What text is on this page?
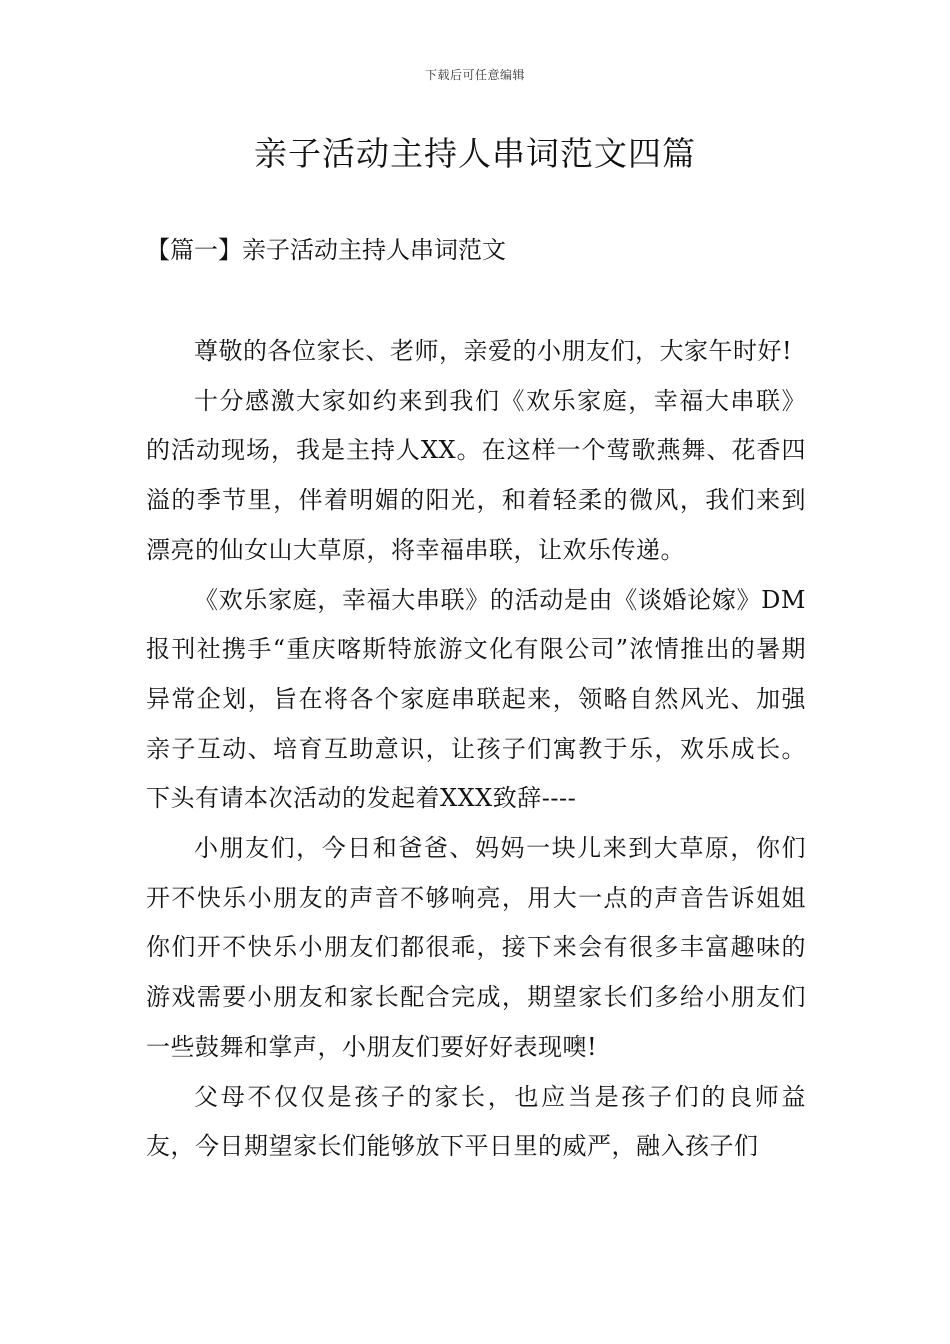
下载后可任意编辑
亲子活动主持人串词范文四篇
【篇一】亲子活动主持人串词范文

尊敬的各位家长、老师，亲爱的小朋友们，大家午时好!

十分感激大家如约来到我们《欢乐家庭，幸福大串联》的活动现场，我是主持人XX。在这样一个莺歌燕舞、花香四溢的季节里，伴着明媚的阳光，和着轻柔的微风，我们来到漂亮的仙女山大草原，将幸福串联，让欢乐传递。

《欢乐家庭，幸福大串联》的活动是由《谈婚论嫁》DM报刊社携手“重庆喀斯特旅游文化有限公司”浓情推出的暑期异常企划，旨在将各个家庭串联起来，领略自然风光、加强亲子互动、培育互助意识，让孩子们寓教于乐，欢乐成长。下头有请本次活动的发起着XXX致辞----

小朋友们，今日和爸爸、妈妈一块儿来到大草原，你们开不快乐小朋友的声音不够响亮，用大一点的声音告诉姐姐你们开不快乐小朋友们都很乖，接下来会有很多丰富趣味的游戏需要小朋友和家长配合完成，期望家长们多给小朋友们一些鼓舞和掌声，小朋友们要好好表现噢!

父母不仅仅是孩子的家长，也应当是孩子们的良师益友，今日期望家长们能够放下平日里的威严，融入孩子们
